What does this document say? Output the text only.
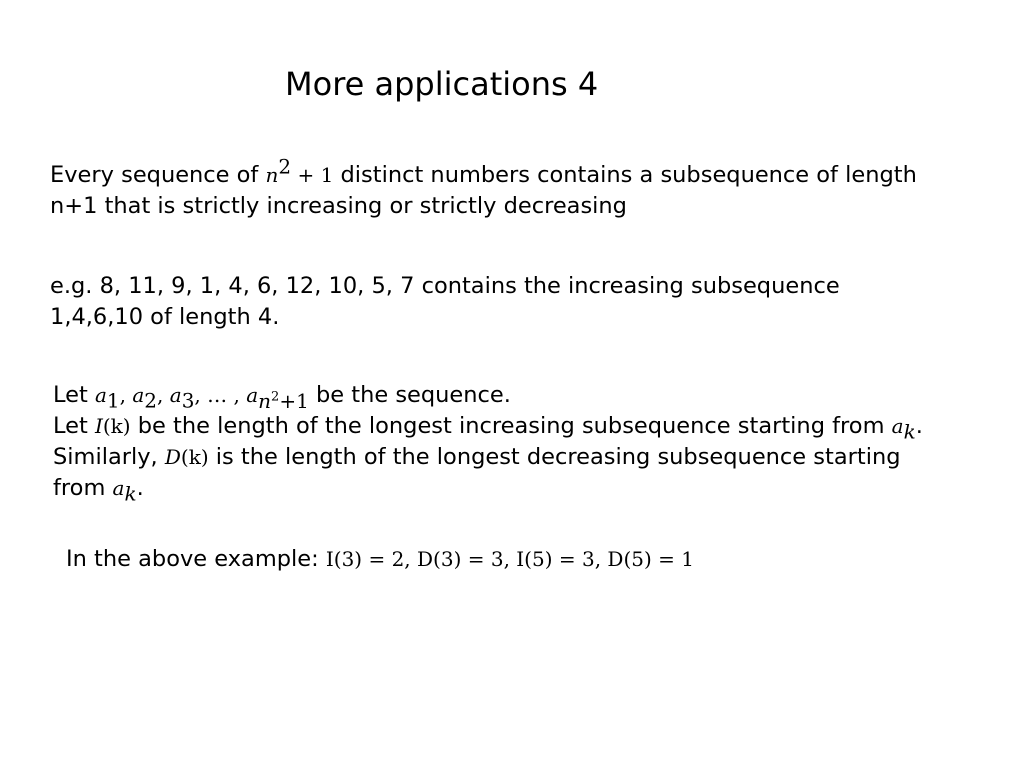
More applications 4
Every sequence of $n^2 + 1$ distinct numbers contains a subsequence of length
n+1 that is strictly increasing or strictly decreasing
e.g. 8, 11, 9, 1, 4, 6, 12, 10, 5, 7 contains the increasing subsequence
1,4,6,10 of length 4.
Let $a_1$, $a_2$, $a_3$, … , $a_{n^2+1}$ be the sequence.
Let I(k) be the length of the longest increasing subsequence starting from $a_k$.
Similarly, D(k) is the length of the longest decreasing subsequence starting
from $a_k$.
In the above example: I(3) = 2, D(3) = 3, I(5) = 3, D(5) = 1
